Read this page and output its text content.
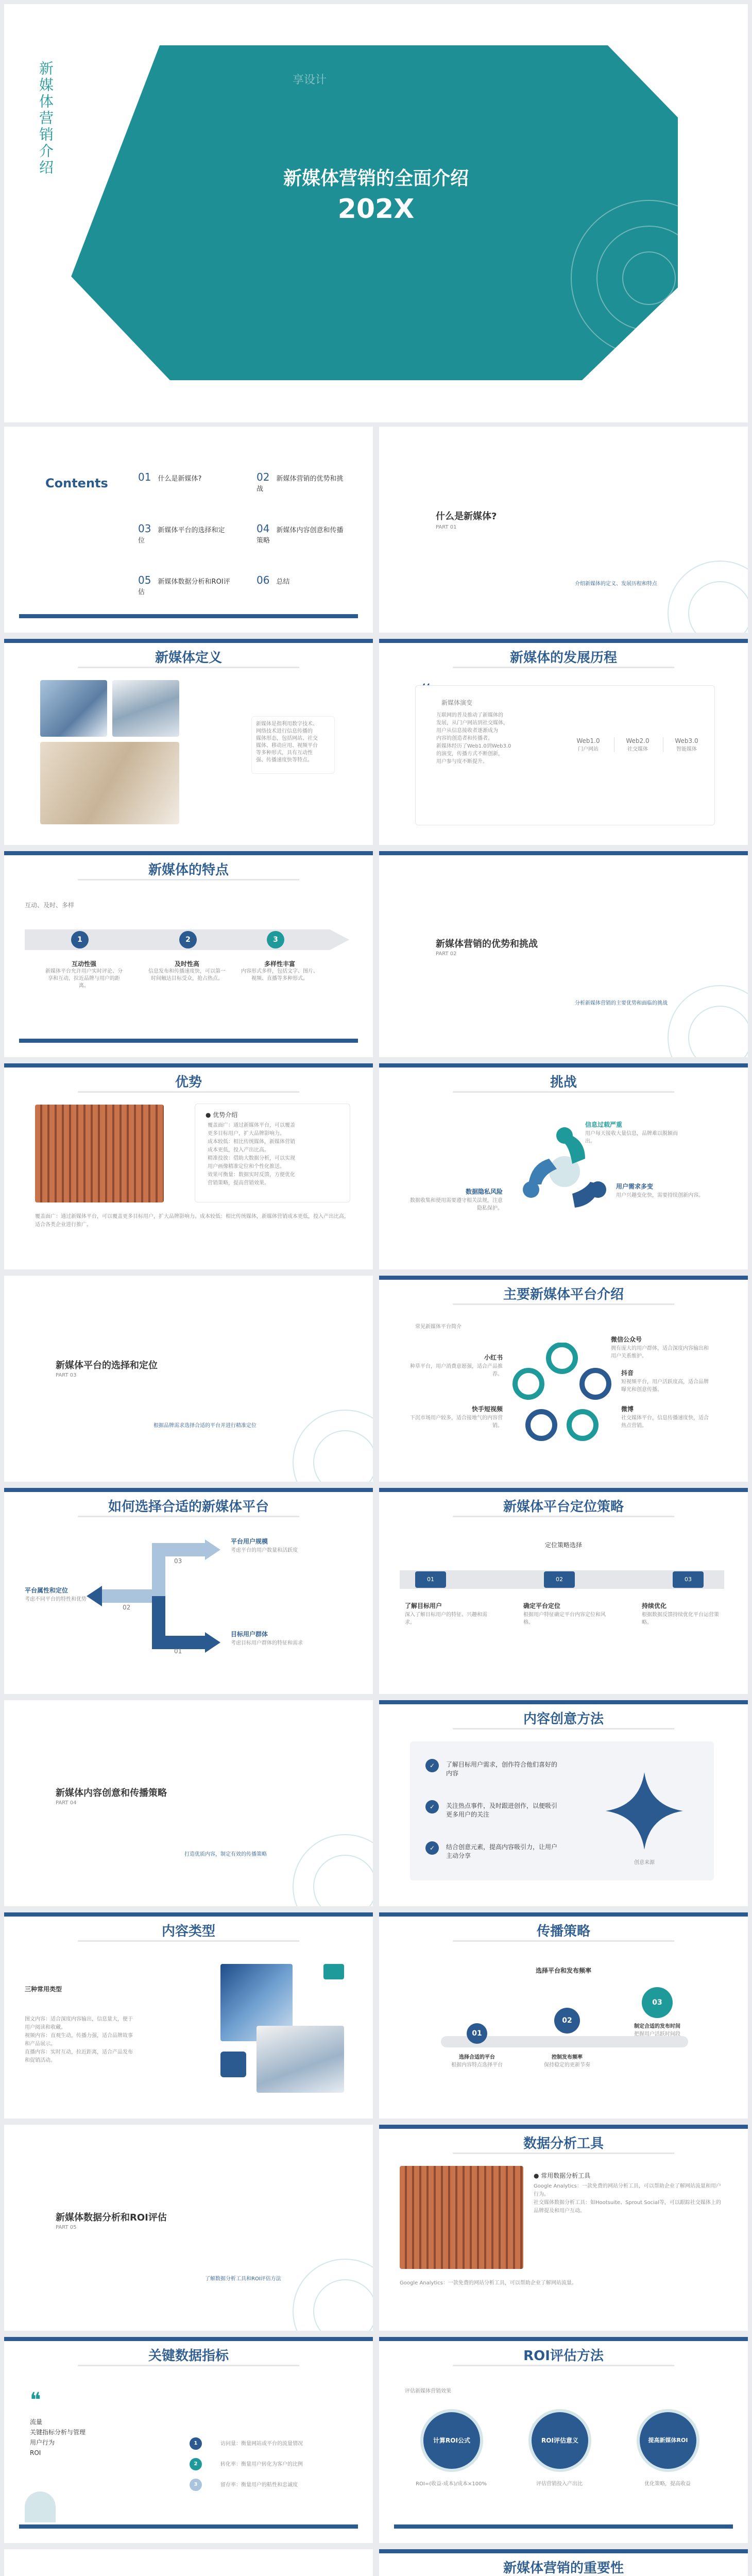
新媒体营销介绍
新媒体营销的全面介绍
202X
享设计
Contents	01 什么是新媒体?	02 新媒体营销的优势和挑战
03 新媒体平台的选择和定位
04 新媒体内容创意和传播策略
05 新媒体数据分析和ROI评估
06 总结
什么是新媒体?
PART 01
介绍新媒体的定义、发展历程和特点
新媒体定义
新媒体是指利用数字技术、
网络技术进行信息传播的
媒体形态，包括网站、社交
媒体、移动应用、视频平台
等多种形式，具有互动性
强、传播速度快等特点。
新媒体的发展历程
新媒体演变
互联网的普及推动了新媒体的
发展，从门户网站到社交媒体，
用户从信息接收者逐渐成为
内容的创造者和传播者。
新媒体经历了Web1.0到Web3.0
的演变，传播方式不断创新，
用户参与度不断提升。
Web1.0
门户网站
Web2.0
社交媒体
Web3.0
智能媒体
新媒体的特点
互动、及时、多样
1	2	3
互动性强
新媒体平台允许用户实时评论、分享和互动，拉近品牌与用户的距离。
及时性高
信息发布和传播速度快，可以第一时间触达目标受众，抢占热点。
多样性丰富
内容形式多样，包括文字、图片、视频、直播等多种形式。
新媒体营销的优势和挑战
PART 02
分析新媒体营销的主要优势和面临的挑战
优势
● 优势介绍
覆盖面广：通过新媒体平台，可以覆盖
更多目标用户，扩大品牌影响力。
成本较低：相比传统媒体，新媒体营销
成本更低，投入产出比高。
精准投放：借助大数据分析，可以实现
用户画像精准定位和个性化推送。
效果可衡量：数据实时反馈，方便优化
营销策略，提高营销效果。
覆盖面广：通过新媒体平台，可以覆盖更多目标用户，扩大品牌影响力。成本较低：相比传统媒体，新媒体营销成本更低，投入产出比高，适合各类企业进行推广。
挑战
信息过载严重
用户每天接收大量信息，品牌难以脱颖而出。
用户需求多变
用户兴趣变化快，需要持续创新内容。
数据隐私风险
数据收集和使用需要遵守相关法规，注意隐私保护。
新媒体平台的选择和定位
PART 03
根据品牌需求选择合适的平台并进行精准定位
主要新媒体平台介绍
常见新媒体平台简介
微信公众号
拥有庞大的用户群体，适合深度内容输出和用户关系维护。
抖音
短视频平台，用户活跃度高，适合品牌曝光和创意传播。
微博
社交媒体平台，信息传播速度快，适合热点营销。
快手短视频
下沉市场用户较多，适合接地气的内容营销。
小红书
种草平台，用户消费意愿强，适合产品推荐。
如何选择合适的新媒体平台
平台用户规模
考虑平台的用户数量和活跃度
03
平台属性和定位
考虑不同平台的特性和优势
02
目标用户群体
考虑目标用户群体的特征和需求
01
新媒体平台定位策略
定位策略选择
01	02	03
了解目标用户
深入了解目标用户的特征、兴趣和需求。
确定平台定位
根据用户特征确定平台内容定位和风格。
持续优化
根据数据反馈持续优化平台运营策略。
新媒体内容创意和传播策略
PART 04
打造优质内容，制定有效的传播策略
内容创意方法
✓	了解目标用户需求，创作符合他们喜好的内容
✓	关注热点事件，及时跟进创作，以便吸引更多用户的关注
✓	结合创意元素，提高内容吸引力，让用户主动分享
创意来源
内容类型
三种常用类型
图文内容：适合深度内容输出，信息量大，便于
用户阅读和收藏。
视频内容：直观生动，传播力强，适合品牌故事
和产品展示。
直播内容：实时互动，拉近距离，适合产品发布
和促销活动。
传播策略
选择平台和发布频率
01
02
03
选择合适的平台
根据内容特点选择平台
控制发布频率
保持稳定的更新节奏
制定合适的发布时间
把握用户活跃时间段
新媒体数据分析和ROI评估
PART 05
了解数据分析工具和ROI评估方法
数据分析工具
● 常用数据分析工具
Google Analytics：一款免费的网站分析工具，可以帮助企业了解网站流量和用户行为。
社交媒体数据分析工具：如Hootsuite、Sprout Social等，可以跟踪社交媒体上的品牌提及和用户互动。
Google Analytics：一款免费的网站分析工具，可以帮助企业了解网站流量。
关键数据指标
❝
流量
关键指标分析与管理
用户行为
ROI
1
2
3
访问量：衡量网站或平台的流量情况
转化率：衡量用户转化为客户的比例
留存率：衡量用户的粘性和忠诚度
ROI评估方法
评估新媒体营销效果
计算ROI公式	ROI评估意义	提高新媒体ROI
ROI=(收益-成本)/成本×100%	评估营销投入产出比	优化策略，提高收益
新媒体营销的重要性
